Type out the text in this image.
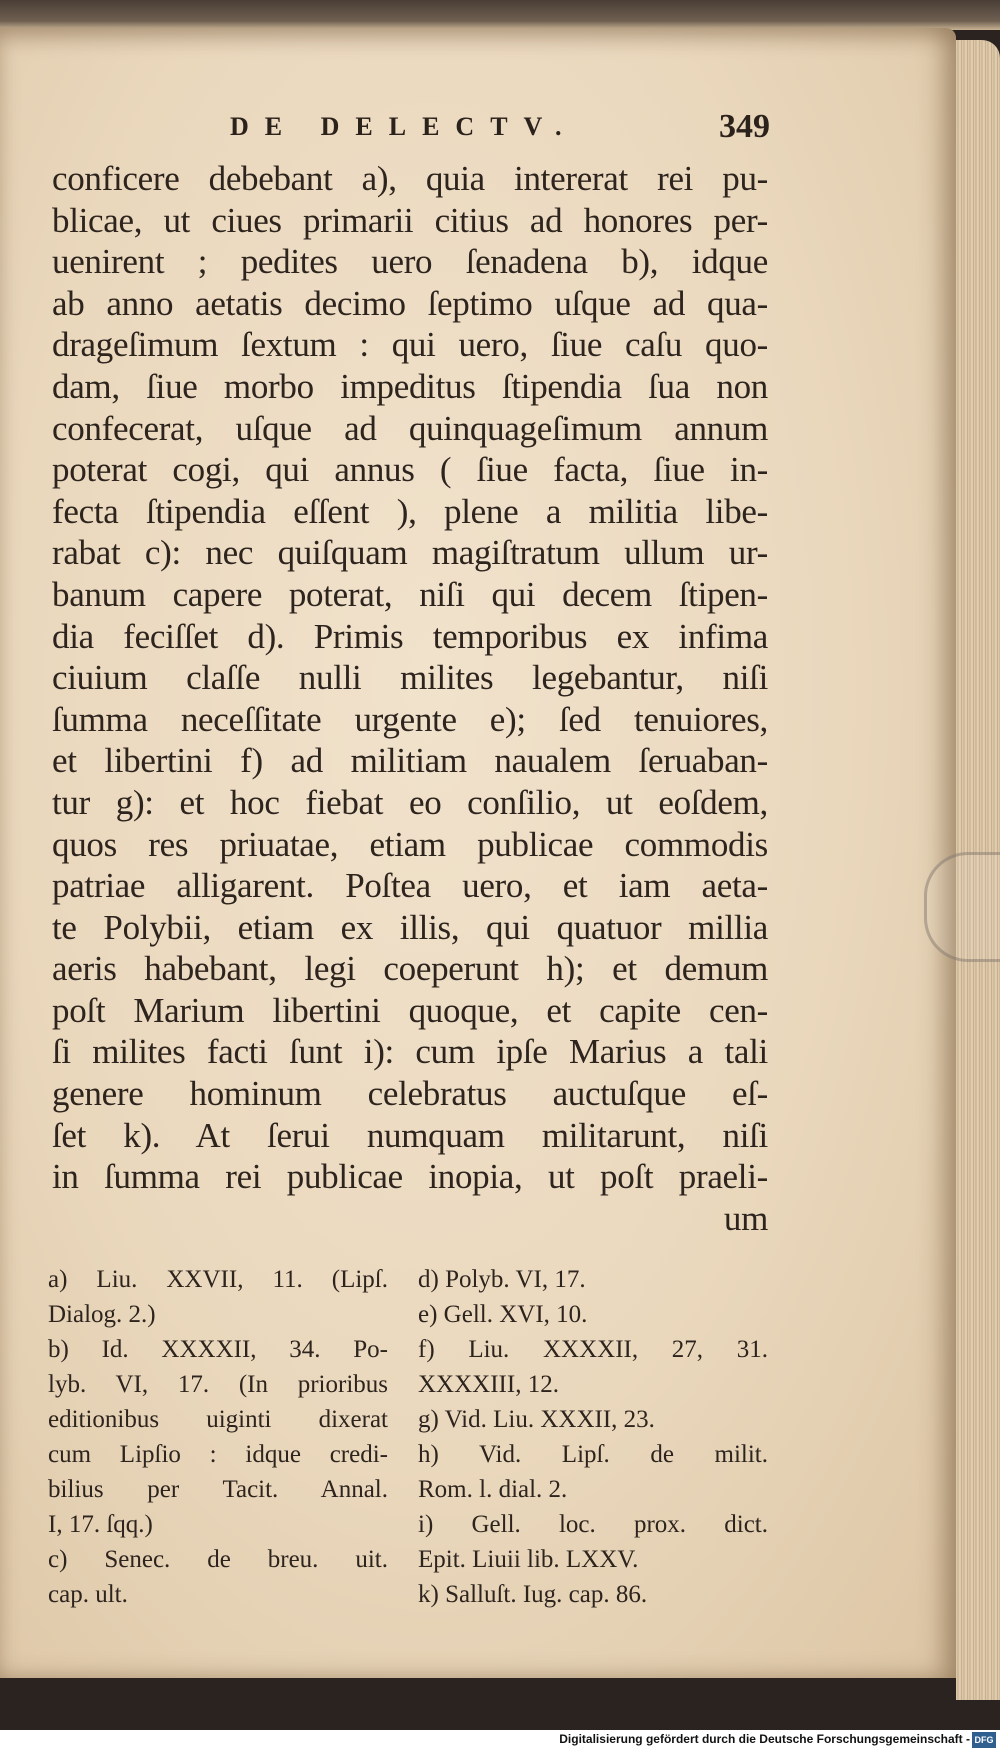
DE DELECTV.	349
conficere debebant a), quia intererat rei pu-
blicae, ut ciues primarii citius ad honores per-
uenirent ; pedites uero ſenadena b), idque
ab anno aetatis decimo ſeptimo uſque ad qua-
drageſimum ſextum : qui uero, ſiue caſu quo-
dam, ſiue morbo impeditus ſtipendia ſua non
confecerat, uſque ad quinquageſimum annum
poterat cogi, qui annus ( ſiue facta, ſiue in-
fecta ſtipendia eſſent ), plene a militia libe-
rabat c): nec quiſquam magiſtratum ullum ur-
banum capere poterat, niſi qui decem ſtipen-
dia feciſſet d). Primis temporibus ex infima
ciuium claſſe nulli milites legebantur, niſi
ſumma neceſſitate urgente e); ſed tenuiores,
et libertini f) ad militiam naualem ſeruaban-
tur g): et hoc fiebat eo conſilio, ut eoſdem,
quos res priuatae, etiam publicae commodis
patriae alligarent. Poſtea uero, et iam aeta-
te Polybii, etiam ex illis, qui quatuor millia
aeris habebant, legi coeperunt h); et demum
poſt Marium libertini quoque, et capite cen-
ſi milites facti ſunt i): cum ipſe Marius a tali
genere hominum celebratus auctuſque eſ-
ſet k). At ſerui numquam militarunt, niſi
in ſumma rei publicae inopia, ut poſt praeli-
um
a) Liu. XXVII, 11. (Lipſ.
Dialog. 2.)
b) Id. XXXXII, 34. Po-
lyb. VI, 17. (In prioribus
editionibus uiginti dixerat
cum Lipſio : idque credi-
bilius per Tacit. Annal.
I, 17. ſqq.)
c) Senec. de breu. uit.
cap. ult.
d) Polyb. VI, 17.
e) Gell. XVI, 10.
f) Liu. XXXXII, 27, 31.
XXXXIII, 12.
g) Vid. Liu. XXXII, 23.
h) Vid. Lipſ. de milit.
Rom. l. dial. 2.
i) Gell. loc. prox. dict.
Epit. Liuii lib. LXXV.
k) Salluſt. Iug. cap. 86.
Digitalisierung gefördert durch die Deutsche Forschungsgemeinschaft - DFG
